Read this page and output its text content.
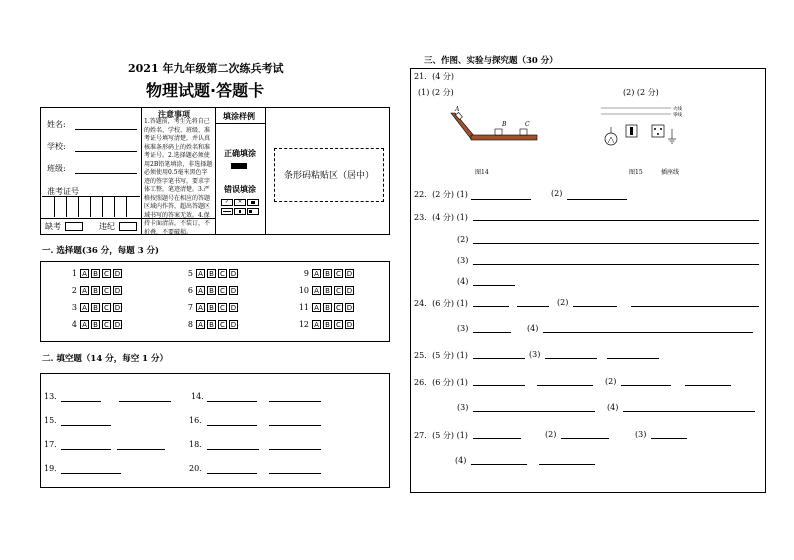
2021 年九年级第二次练兵考试
物理试题·答题卡
姓名:
学校:
班级:
准考证号
缺考	违纪
注意事项
1.答题前，考生先将自己的姓名、学校、班级、准考证号填写清楚，并认真核准条形码上的姓名和准考证号。2.选择题必须使用2B铅笔填涂，非选择题必须使用0.5毫米黑色字迹的签字笔书写，要求字体工整，笔迹清楚。3.严格按照题号在相应的答题区域内作答，超出答题区域书写的答案无效。4.保持卡面清洁，不装订，不折叠，不要破损。
填涂样例
正确填涂
错误填涂
✓	✕
条形码粘贴区（居中）
一. 选择题(36 分，每题 3 分)
1 A B C D
2 A B C D
3 A B C D
4 A B C D
5 A B C D
6 A B C D
7 A B C D
8 A B C D
9 A B C D
10 A B C D
11 A B C D
12 A B C D
二. 填空题（14 分，每空 1 分）
13．	14．
15．	16．
17．	18．
19．	20．
三、作图、实验与探究题（30 分）
21．(4 分)
(1) (2 分)	(2) (2 分)
A
B	C
图14
火线
零线
图15	插座线
22．(2 分) (1)	(2)
23．(4 分) (1)
(2)
(3)
(4)
24．(6 分) (1)	(2)
(3)	(4)
25．(5 分) (1)	(3)
26．(6 分) (1)	(2)
(3)	(4)
27．(5 分) (1)	(2)	(3)
(4)
